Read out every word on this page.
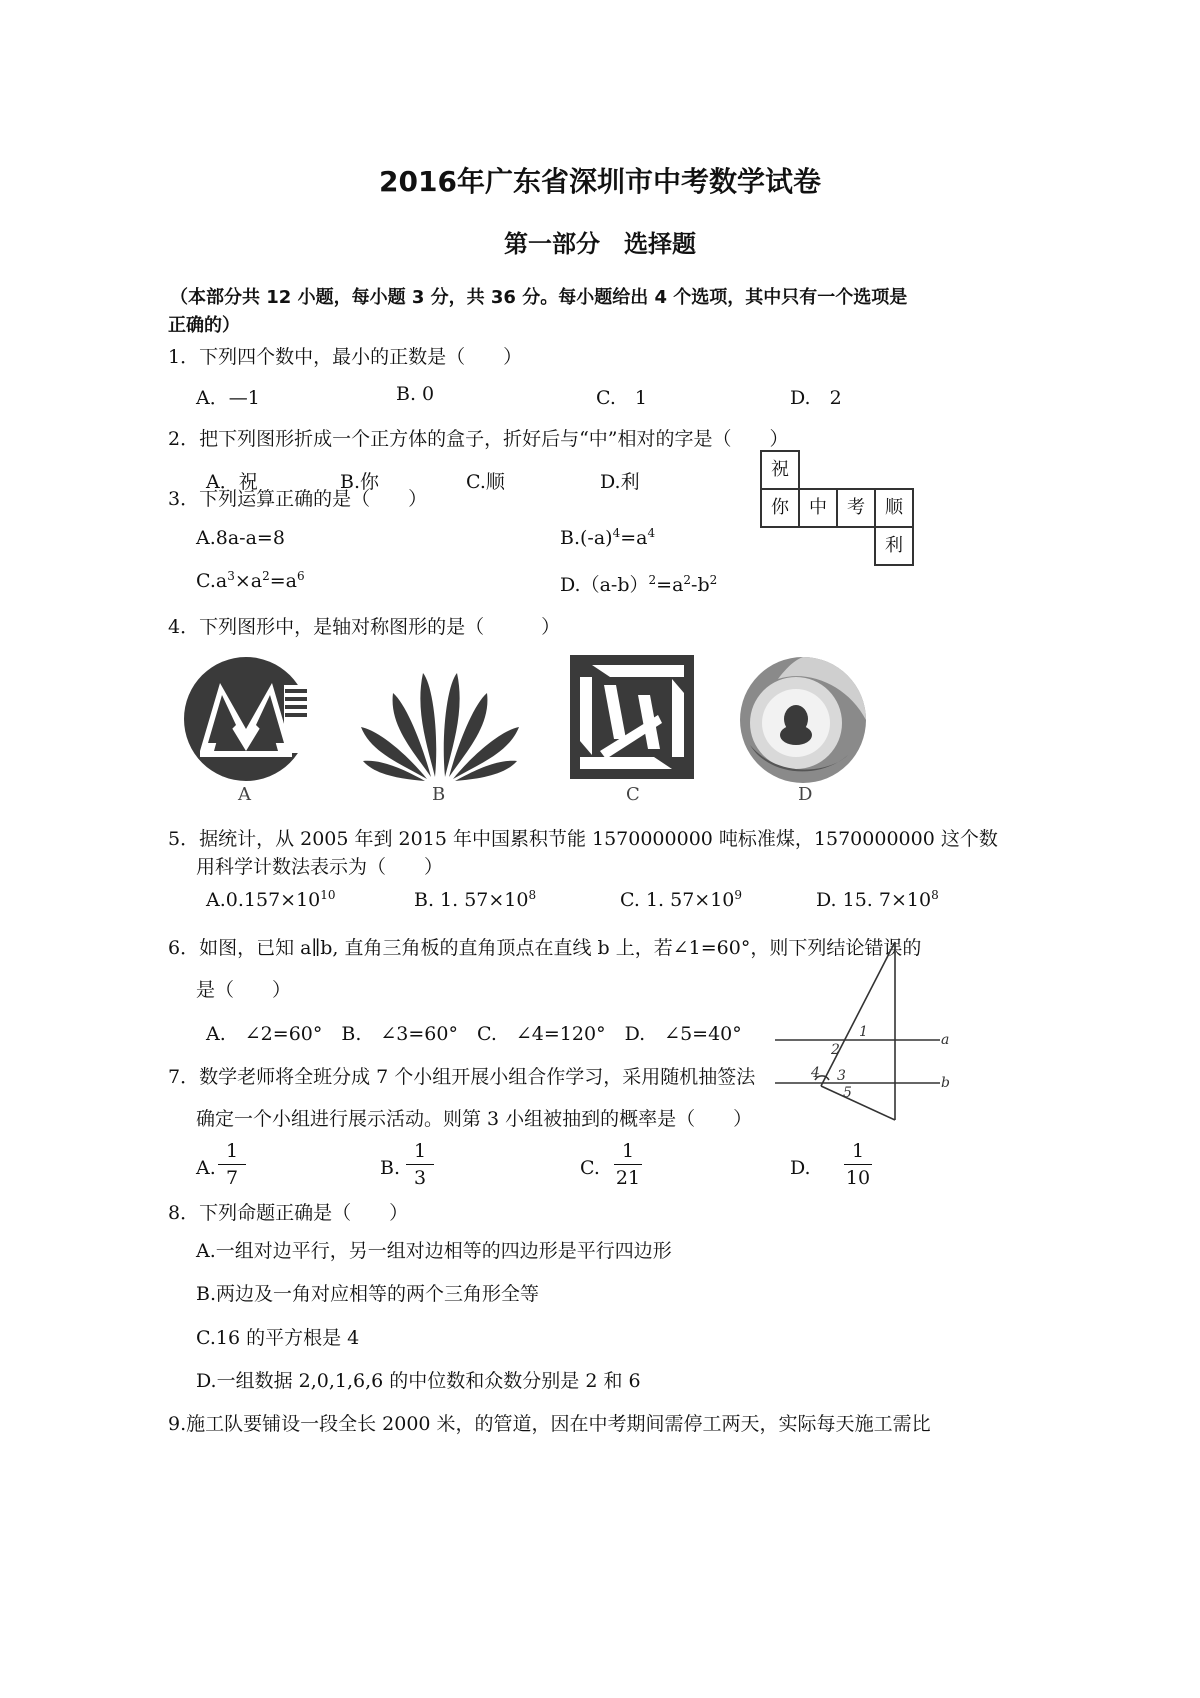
2016年广东省深圳市中考数学试卷
第一部分　选择题
（本部分共 12 小题，每小题 3 分，共 36 分。每小题给出 4 个选项，其中只有一个选项是
正确的）
1．下列四个数中，最小的正数是（　　）
A．—1	B. 0	C.　1	D.　2
2．把下列图形折成一个正方体的盒子，折好后与“中”相对的字是（　　）
A．祝	B.你	C.顺	D.利
祝
你	中	考	顺
利
3．下列运算正确的是（　　）
A.8a-a=8	$B.(-a)^4=a^4$
$C.a^3\times a^2=a^6$	$D.(a-b)^2=a^2-b^2$
4．下列图形中，是轴对称图形的是（　　　）
A	B	C	D
5．据统计，从 2005 年到 2015 年中国累积节能 1570000000 吨标准煤，1570000000 这个数
用科学计数法表示为（　　）
$A.0.157\times 10^{10}$	B. 1. $57\times 10^8$	C. 1. $57\times 10^9$	D. 15. $7\times 10^8$
6．如图，已知 a∥b, 直角三角板的直角顶点在直线 b 上，若∠1=60°，则下列结论错误的
是（　　）
A.　∠2=60°　B.　∠3=60°　C.　∠4=120°　D.　∠5=40°	1
2
3
4
5
a
b
7．数学老师将全班分成 7 个小组开展小组合作学习，采用随机抽签法
确定一个小组进行展示活动。则第 3 小组被抽到的概率是（　　）
A.
1
7	B.
1
3	C.
1
21	D.
1
10
8．下列命题正确是（　　）
A.一组对边平行，另一组对边相等的四边形是平行四边形
B.两边及一角对应相等的两个三角形全等
C.16 的平方根是 4
D.一组数据 2,0,1,6,6 的中位数和众数分别是 2 和 6
9.施工队要铺设一段全长 2000 米，的管道，因在中考期间需停工两天，实际每天施工需比
